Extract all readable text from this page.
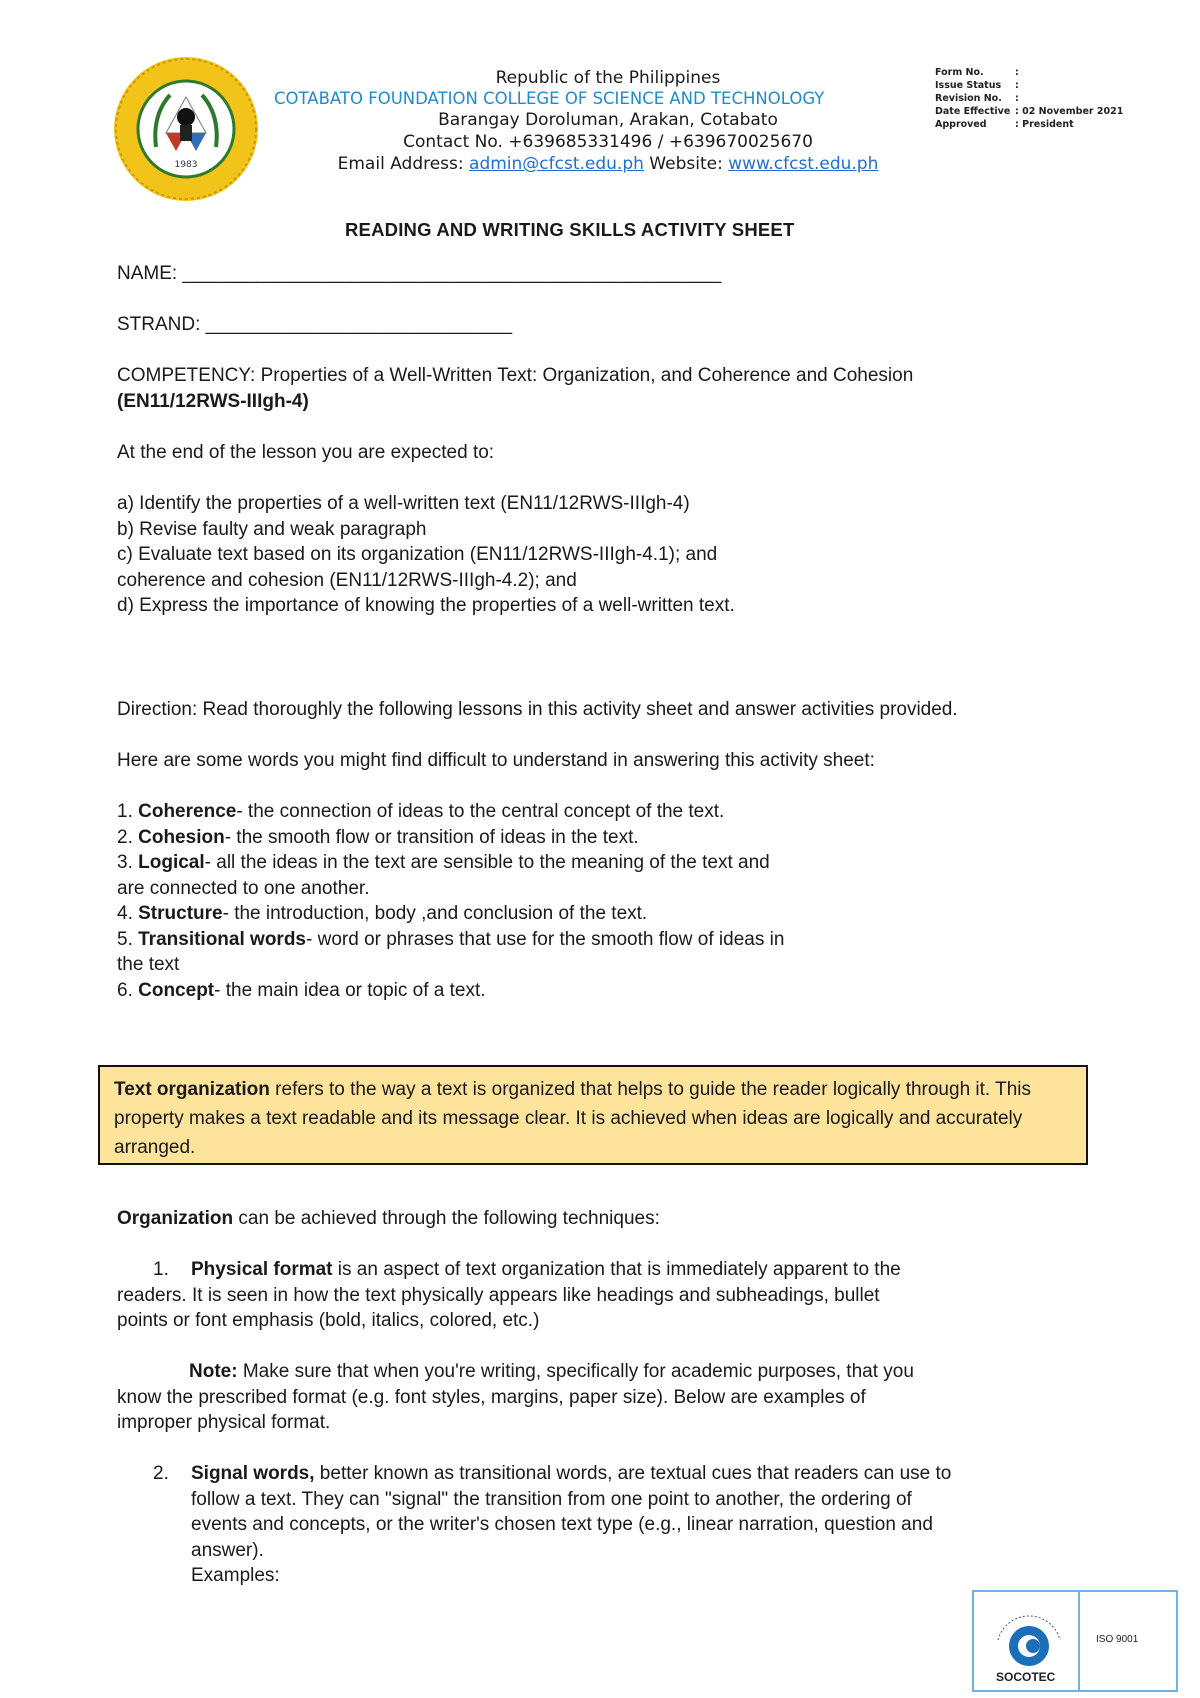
1983
Republic of the Philippines
COTABATO FOUNDATION COLLEGE OF SCIENCE AND TECHNOLOGY
Barangay Doroluman, Arakan, Cotabato
Contact No. +639685331496 / +639670025670
Email Address: admin@cfcst.edu.ph Website: www.cfcst.edu.ph
Form No.	:
Issue Status	:
Revision No.	:
Date Effective : 02 November 2021
Approved	: President
READING AND WRITING SKILLS ACTIVITY SHEET
NAME: ___________________________________________________
STRAND: _____________________________
COMPETENCY: Properties of a Well-Written Text: Organization, and Coherence and Cohesion
(EN11/12RWS-IIIgh-4)
At the end of the lesson you are expected to:
a) Identify the properties of a well-written text (EN11/12RWS-IIIgh-4)
b) Revise faulty and weak paragraph
c) Evaluate text based on its organization (EN11/12RWS-IIIgh-4.1); and
coherence and cohesion (EN11/12RWS-IIIgh-4.2); and
d) Express the importance of knowing the properties of a well-written text.
Direction: Read thoroughly the following lessons in this activity sheet and answer activities provided.
Here are some words you might find difficult to understand in answering this activity sheet:
1. Coherence- the connection of ideas to the central concept of the text.
2. Cohesion- the smooth flow or transition of ideas in the text.
3. Logical- all the ideas in the text are sensible to the meaning of the text and
are connected to one another.
4. Structure- the introduction, body ,and conclusion of the text.
5. Transitional words- word or phrases that use for the smooth flow of ideas in
the text
6. Concept- the main idea or topic of a text.
Text organization refers to the way a text is organized that helps to guide the reader logically through it. This property makes a text readable and its message clear. It is achieved when ideas are logically and accurately arranged.
Organization can be achieved through the following techniques:
1. Physical format is an aspect of text organization that is immediately apparent to the
readers. It is seen in how the text physically appears like headings and subheadings, bullet
points or font emphasis (bold, italics, colored, etc.)
Note: Make sure that when you're writing, specifically for academic purposes, that you
know the prescribed format (e.g. font styles, margins, paper size). Below are examples of
improper physical format.
2. Signal words, better known as transitional words, are textual cues that readers can use to
follow a text. They can "signal" the transition from one point to another, the ordering of
events and concepts, or the writer's chosen text type (e.g., linear narration, question and
answer).
Examples:
SOCOTEC
ISO 9001
